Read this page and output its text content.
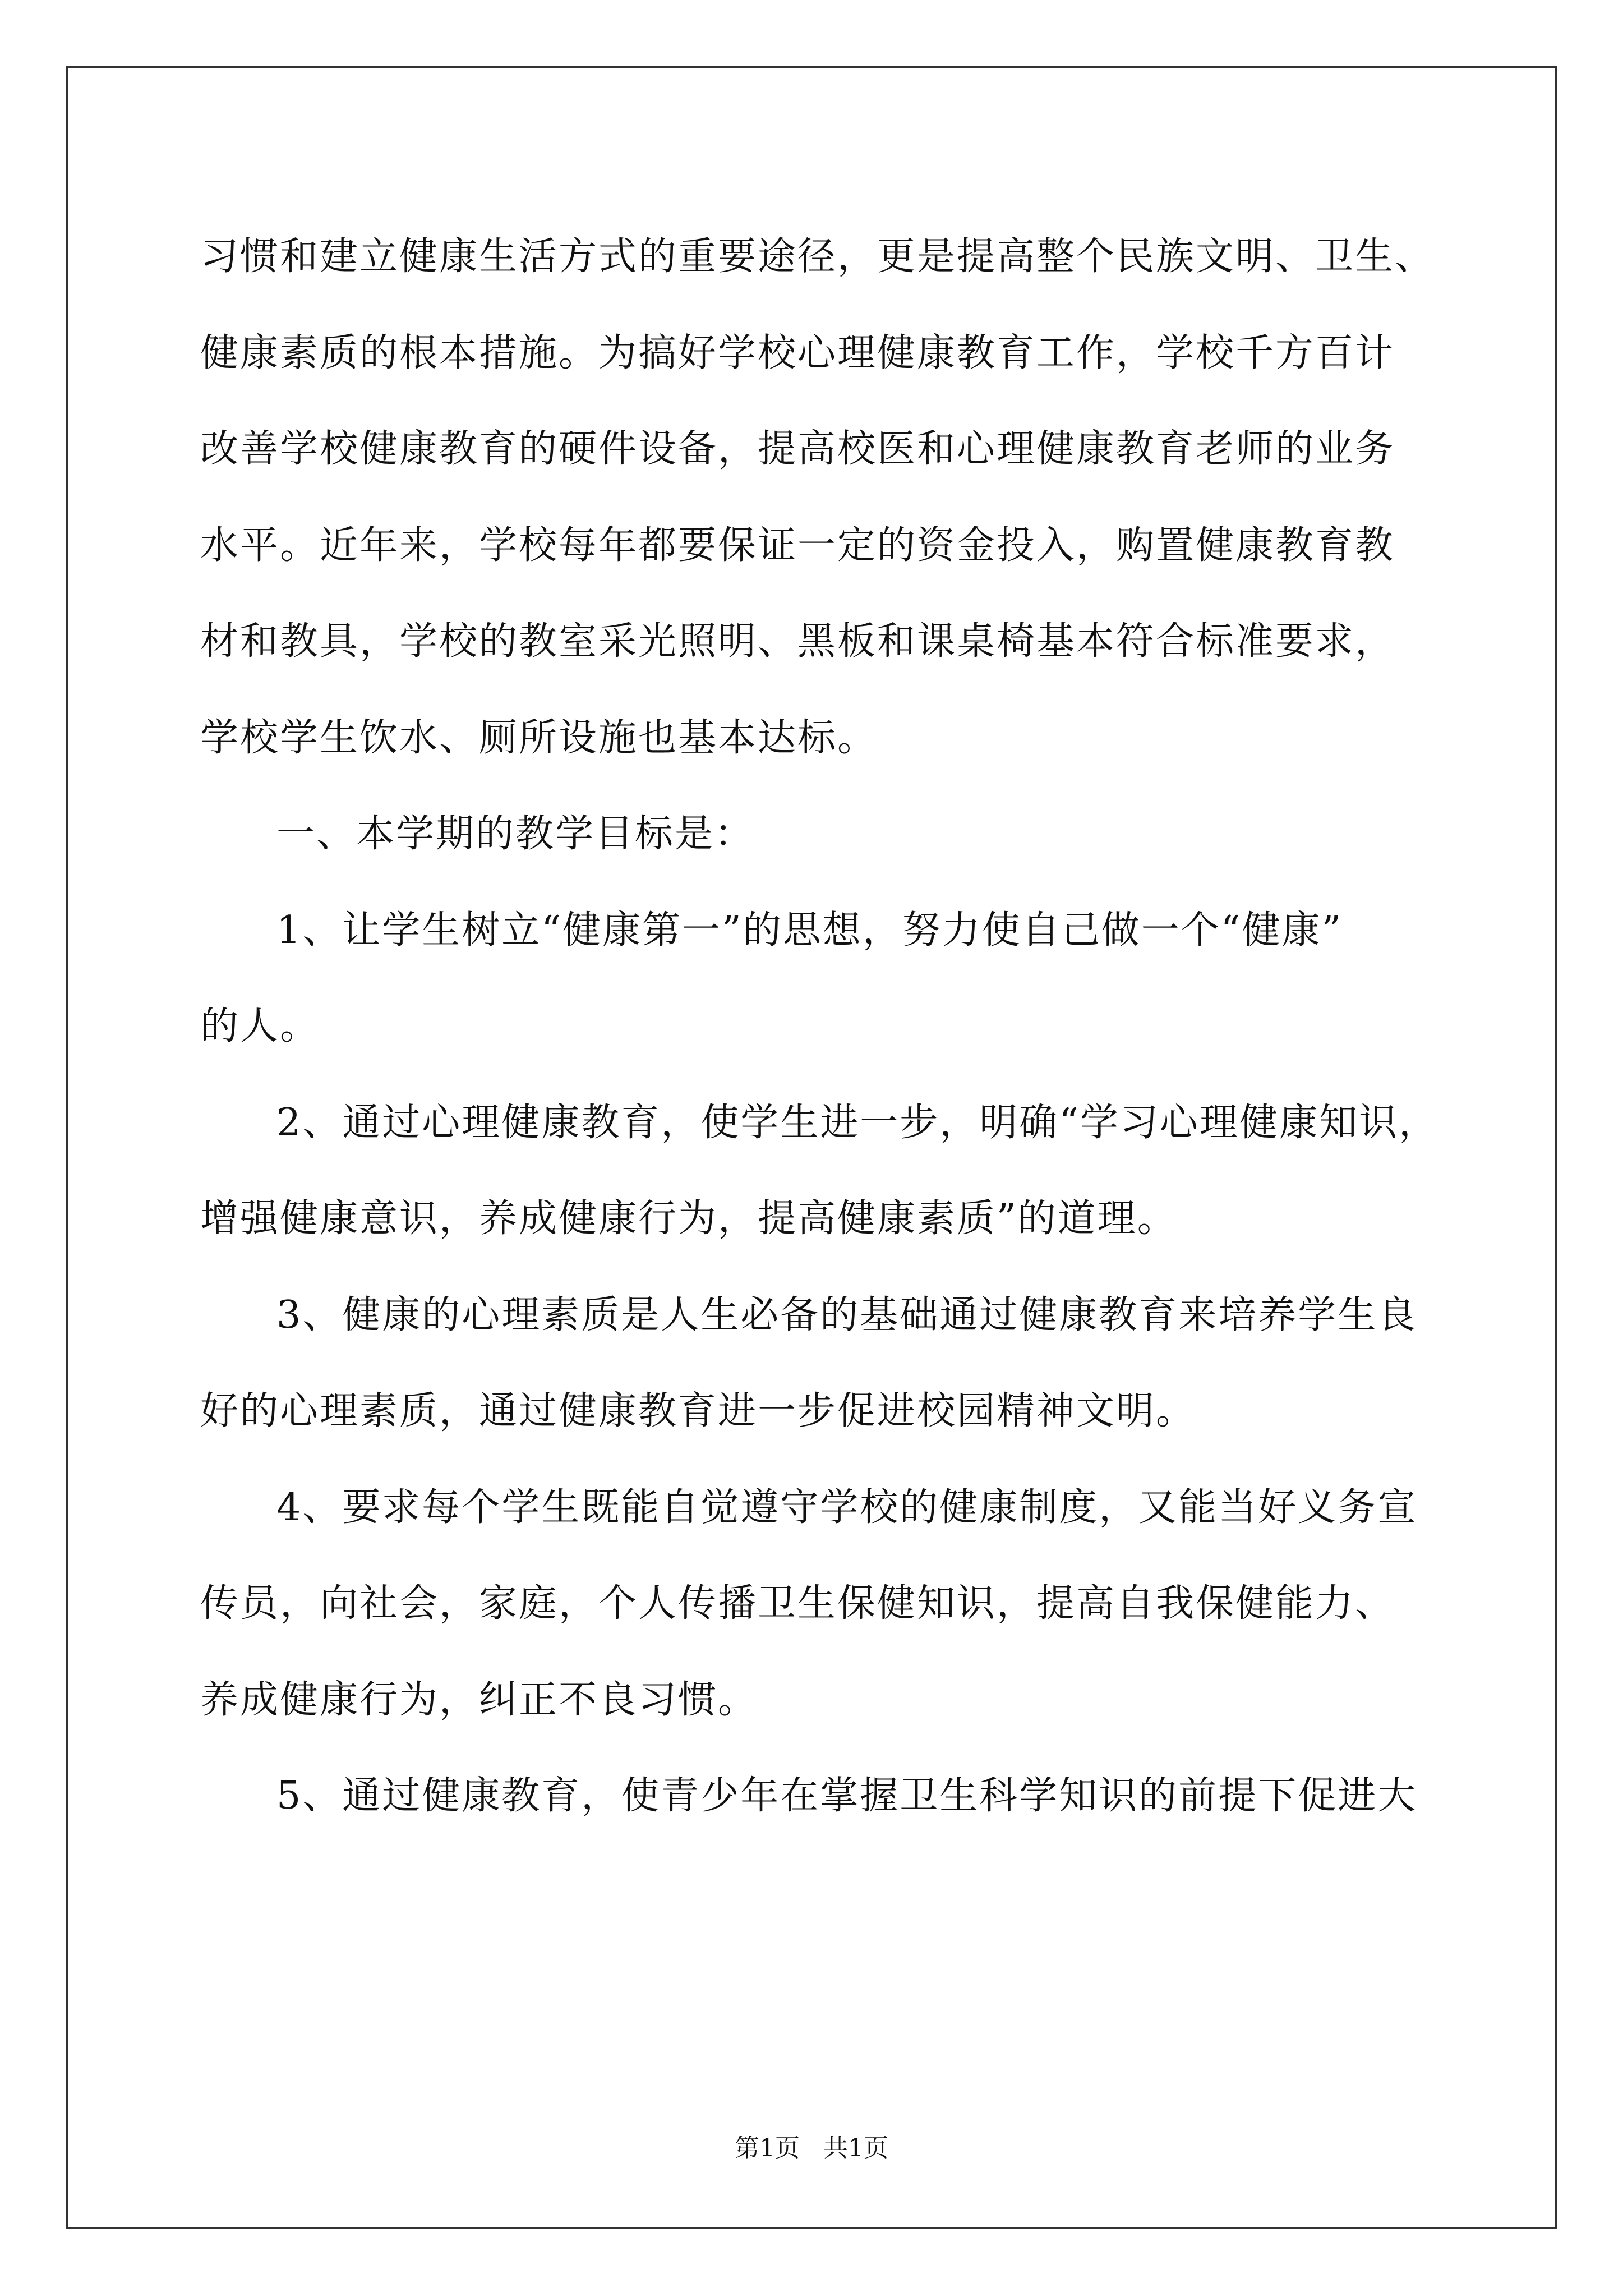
习惯和建立健康生活方式的重要途径，更是提高整个民族文明、卫生、
健康素质的根本措施。为搞好学校心理健康教育工作，学校千方百计
改善学校健康教育的硬件设备，提高校医和心理健康教育老师的业务
水平。近年来，学校每年都要保证一定的资金投入，购置健康教育教
材和教具，学校的教室采光照明、黑板和课桌椅基本符合标准要求，
学校学生饮水、厕所设施也基本达标。
一、本学期的教学目标是：
1、让学生树立“健康第一”的思想，努力使自己做一个“健康”
的人。
2、通过心理健康教育，使学生进一步，明确“学习心理健康知识，
增强健康意识，养成健康行为，提高健康素质”的道理。
3、健康的心理素质是人生必备的基础通过健康教育来培养学生良
好的心理素质，通过健康教育进一步促进校园精神文明。
4、要求每个学生既能自觉遵守学校的健康制度，又能当好义务宣
传员，向社会，家庭，个人传播卫生保健知识，提高自我保健能力、
养成健康行为，纠正不良习惯。
5、通过健康教育，使青少年在掌握卫生科学知识的前提下促进大
第1页   共1页
